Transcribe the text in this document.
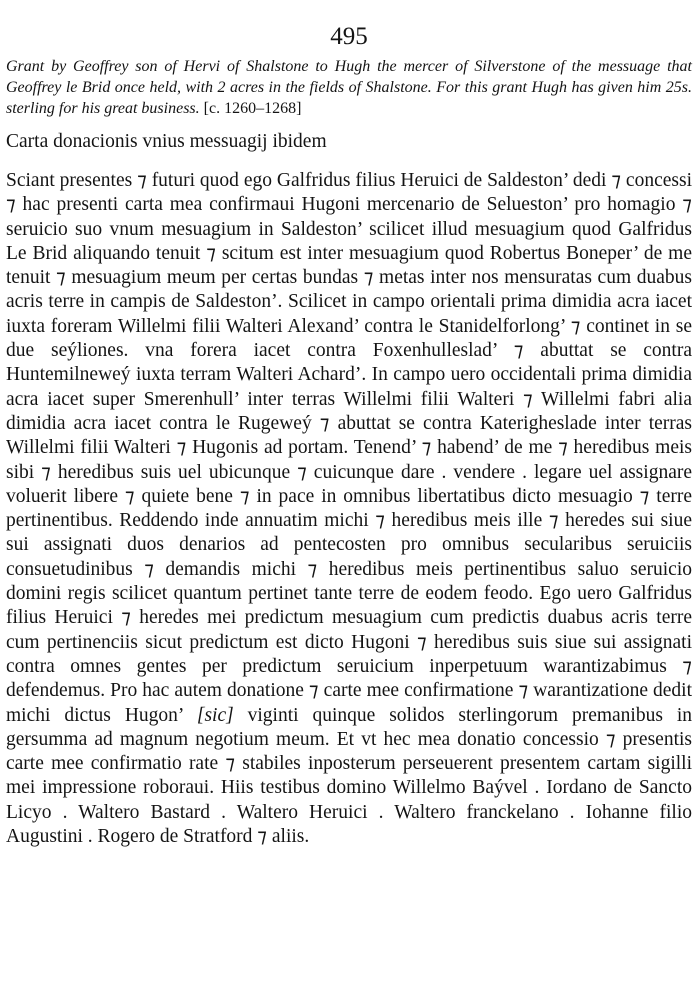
495

Grant by Geoffrey son of Hervi of Shalstone to Hugh the mercer of Silverstone of the messuage that Geoffrey le Brid once held, with 2 acres in the fields of Shalstone. For this grant Hugh has given him 25s. sterling for his great business. [c. 1260–1268]

Carta donacionis vnius messuagij ibidem

Sciant presentes ⁊ futuri quod ego Galfridus filius Heruici de Saldeston’ dedi ⁊ concessi ⁊ hac presenti carta mea confirmaui Hugoni mercenario de Selueston’ pro homagio ⁊ seruicio suo vnum mesuagium in Saldeston’ scilicet illud mesuagium quod Galfridus Le Brid aliquando tenuit ⁊ scitum est inter mesuagium quod Robertus Boneper’ de me tenuit ⁊ mesuagium meum per certas bundas ⁊ metas inter nos mensuratas cum duabus acris terre in campis de Saldeston’. Scilicet in campo orientali prima dimidia acra iacet iuxta foreram Willelmi filii Walteri Alexand’ contra le Stanidelforlong’ ⁊ continet in se due seýliones. vna forera iacet contra Foxenhulleslad’ ⁊ abuttat se contra Huntemilneweý iuxta terram Walteri Achard’. In campo uero occidentali prima dimidia acra iacet super Smerenhull’ inter terras Willelmi filii Walteri ⁊ Willelmi fabri alia dimidia acra iacet contra le Rugeweý ⁊ abuttat se contra Katerigheslade inter terras Willelmi filii Walteri ⁊ Hugonis ad portam. Tenend’ ⁊ habend’ de me ⁊ heredibus meis sibi ⁊ heredibus suis uel ubicunque ⁊ cuicunque dare . vendere . legare uel assignare voluerit libere ⁊ quiete bene ⁊ in pace in omnibus libertatibus dicto mesuagio ⁊ terre pertinentibus. Reddendo inde annuatim michi ⁊ heredibus meis ille ⁊ heredes sui siue sui assignati duos denarios ad pentecosten pro omnibus secularibus seruiciis consuetudinibus ⁊ demandis michi ⁊ heredibus meis pertinentibus saluo seruicio domini regis scilicet quantum pertinet tante terre de eodem feodo. Ego uero Galfridus filius Heruici ⁊ heredes mei predictum mesuagium cum predictis duabus acris terre cum pertinenciis sicut predictum est dicto Hugoni ⁊ heredibus suis siue sui assignati contra omnes gentes per predictum seruicium inperpetuum warantizabimus ⁊ defendemus. Pro hac autem donatione ⁊ carte mee confirmatione ⁊ warantizatione dedit michi dictus Hugon’ [sic] viginti quinque solidos sterlingorum premanibus in gersumma ad magnum negotium meum. Et vt hec mea donatio concessio ⁊ presentis carte mee confirmatio rate ⁊ stabiles inposterum perseuerent presentem cartam sigilli mei impressione roboraui. Hiis testibus domino Willelmo Baývel . Iordano de Sancto Licyo . Waltero Bastard . Waltero Heruici . Waltero franckelano . Iohanne filio Augustini . Rogero de Stratford ⁊ aliis.
